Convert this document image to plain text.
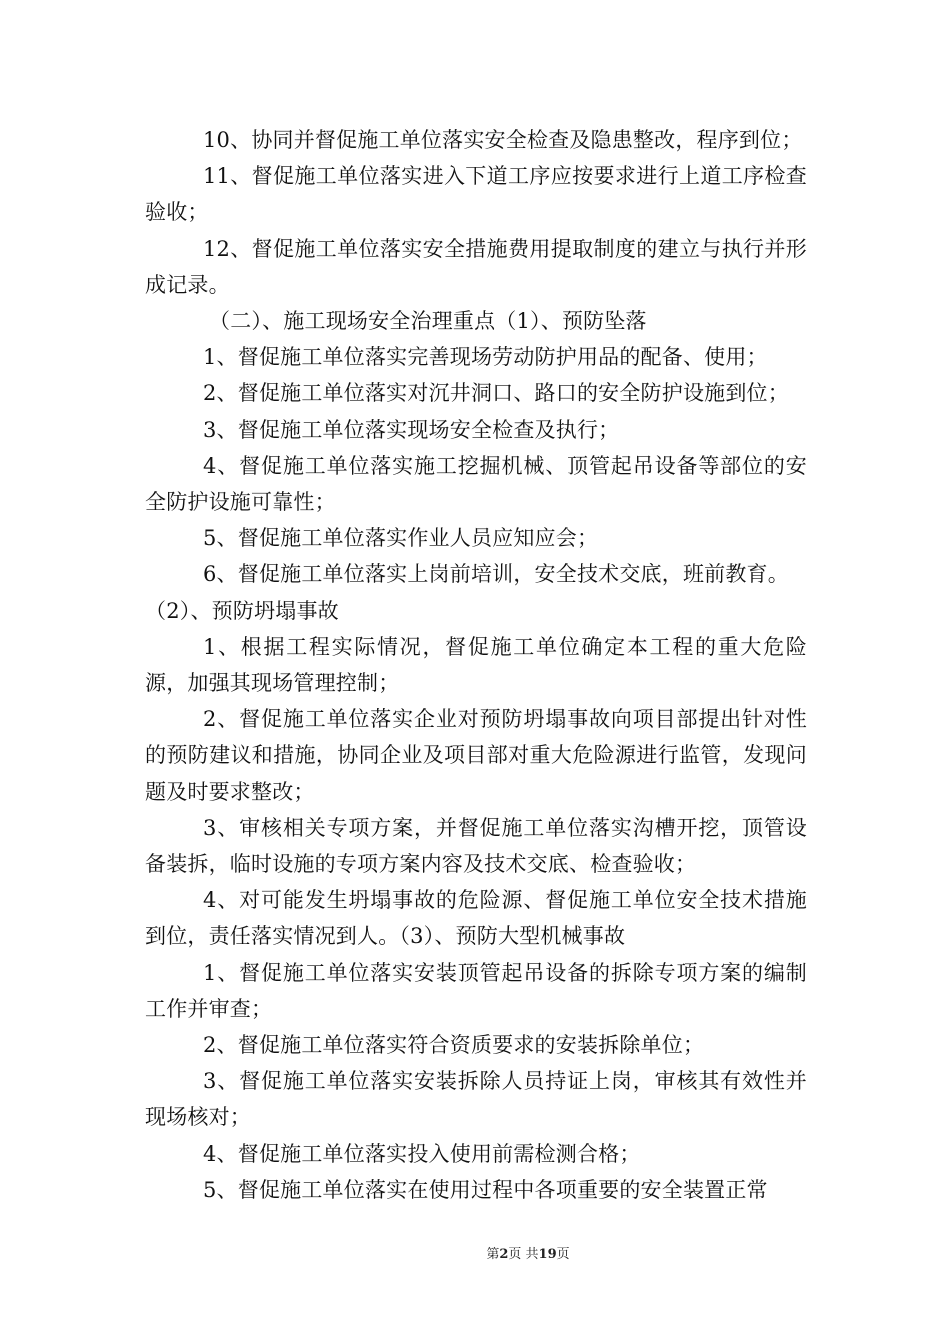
10、协同并督促施工单位落实安全检查及隐患整改，程序到位；

11、督促施工单位落实进入下道工序应按要求进行上道工序检查验收；

12、督促施工单位落实安全措施费用提取制度的建立与执行并形成记录。

（二）、施工现场安全治理重点（1）、预防坠落

1、督促施工单位落实完善现场劳动防护用品的配备、使用；

2、督促施工单位落实对沉井洞口、路口的安全防护设施到位；

3、督促施工单位落实现场安全检查及执行；

4、督促施工单位落实施工挖掘机械、顶管起吊设备等部位的安全防护设施可靠性；

5、督促施工单位落实作业人员应知应会；

6、督促施工单位落实上岗前培训，安全技术交底，班前教育。

（2）、预防坍塌事故

1、根据工程实际情况，督促施工单位确定本工程的重大危险源，加强其现场管理控制；

2、督促施工单位落实企业对预防坍塌事故向项目部提出针对性的预防建议和措施，协同企业及项目部对重大危险源进行监管，发现问题及时要求整改；

3、审核相关专项方案，并督促施工单位落实沟槽开挖，顶管设备装拆，临时设施的专项方案内容及技术交底、检查验收；

4、对可能发生坍塌事故的危险源、督促施工单位安全技术措施到位，责任落实情况到人。（3）、预防大型机械事故

1、督促施工单位落实安装顶管起吊设备的拆除专项方案的编制工作并审查；

2、督促施工单位落实符合资质要求的安装拆除单位；

3、督促施工单位落实安装拆除人员持证上岗，审核其有效性并现场核对；

4、督促施工单位落实投入使用前需检测合格；

5、督促施工单位落实在使用过程中各项重要的安全装置正常

第2页 共19页
